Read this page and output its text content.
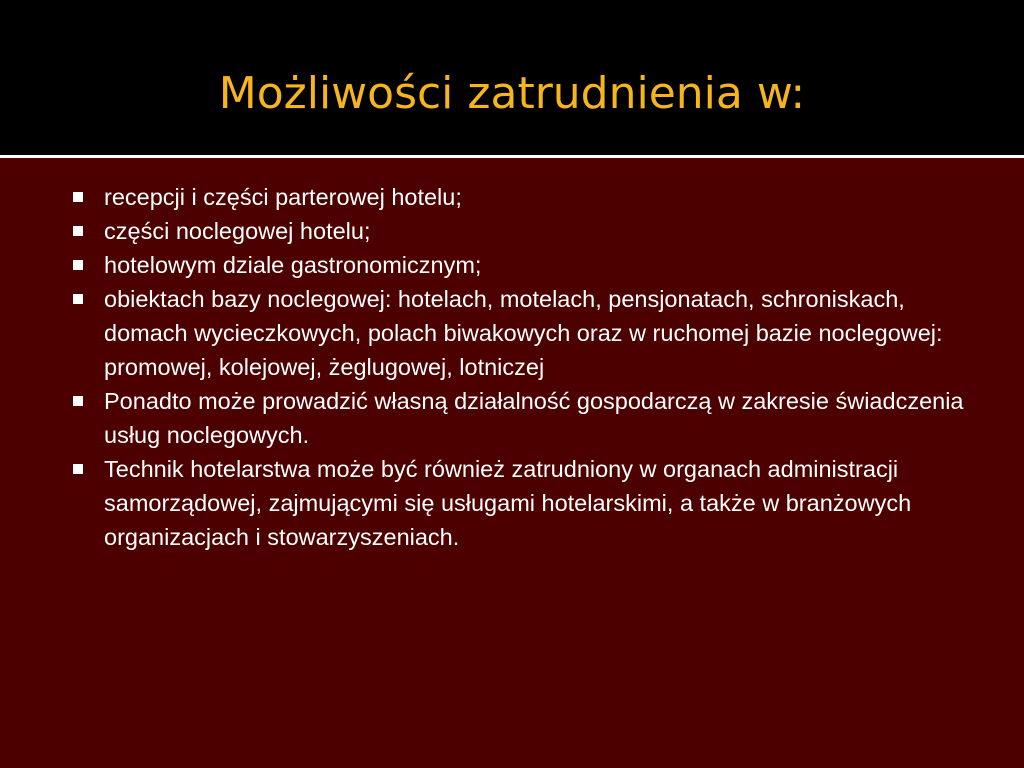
Możliwości zatrudnienia w:
recepcji i części parterowej hotelu;
części noclegowej hotelu;
hotelowym dziale gastronomicznym;
obiektach bazy noclegowej: hotelach, motelach, pensjonatach, schroniskach, domach wycieczkowych, polach biwakowych oraz w ruchomej bazie noclegowej: promowej, kolejowej, żeglugowej, lotniczej
Ponadto może prowadzić własną działalność gospodarczą w zakresie świadczenia usług noclegowych.
Technik hotelarstwa może być również zatrudniony w organach administracji samorządowej, zajmującymi się usługami hotelarskimi, a także w branżowych organizacjach i stowarzyszeniach.
